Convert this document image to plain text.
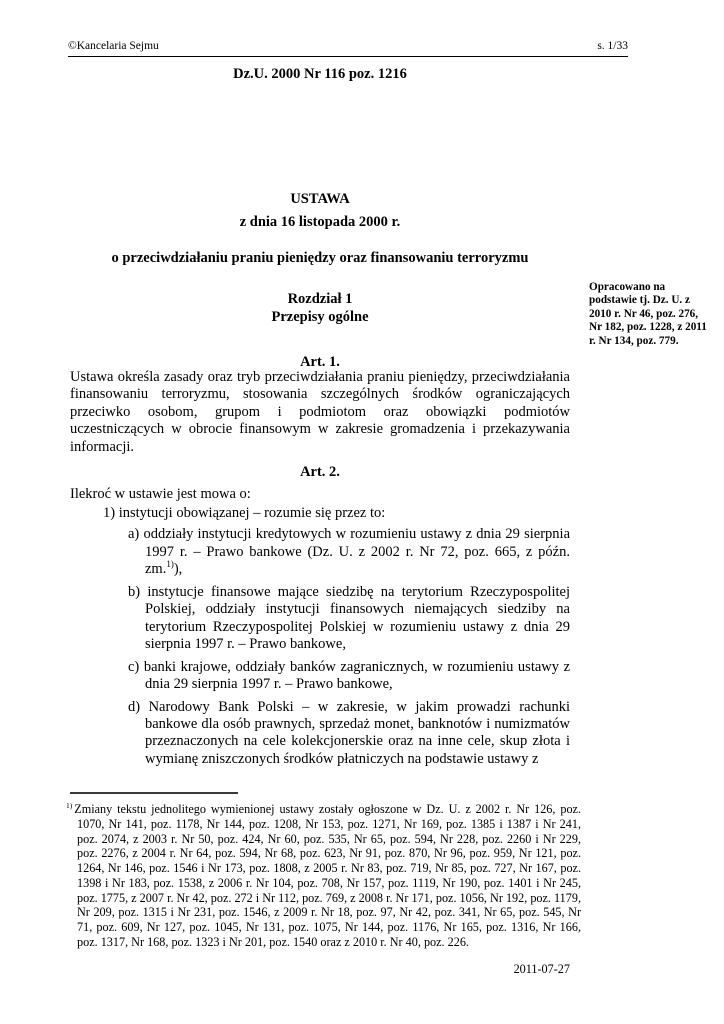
©Kancelaria Sejmu	s. 1/33
Dz.U. 2000 Nr 116 poz. 1216
USTAWA
z dnia 16 listopada 2000 r.
o przeciwdziałaniu praniu pieniędzy oraz finansowaniu terroryzmu
Opracowano na podstawie tj. Dz. U. z 2010 r. Nr 46, poz. 276, Nr 182, poz. 1228, z 2011 r. Nr 134, poz. 779.
Rozdział 1
Przepisy ogólne
Art. 1.
Ustawa określa zasady oraz tryb przeciwdziałania praniu pieniędzy, przeciwdziałania finansowaniu terroryzmu, stosowania szczególnych środków ograniczających przeciwko osobom, grupom i podmiotom oraz obowiązki podmiotów uczestniczących w obrocie finansowym w zakresie gromadzenia i przekazywania informacji.
Art. 2.
Ilekroć w ustawie jest mowa o:
1) instytucji obowiązanej – rozumie się przez to:
a) oddziały instytucji kredytowych w rozumieniu ustawy z dnia 29 sierpnia 1997 r. – Prawo bankowe (Dz. U. z 2002 r. Nr 72, poz. 665, z późn. zm.$^{1)}$),
b) instytucje finansowe mające siedzibę na terytorium Rzeczypospolitej Polskiej, oddziały instytucji finansowych niemających siedziby na terytorium Rzeczypospolitej Polskiej w rozumieniu ustawy z dnia 29 sierpnia 1997 r. – Prawo bankowe,
c) banki krajowe, oddziały banków zagranicznych, w rozumieniu ustawy z dnia 29 sierpnia 1997 r. – Prawo bankowe,
d) Narodowy Bank Polski – w zakresie, w jakim prowadzi rachunki bankowe dla osób prawnych, sprzedaż monet, banknotów i numizmatów przeznaczonych na cele kolekcjonerskie oraz na inne cele, skup złota i wymianę zniszczonych środków płatniczych na podstawie ustawy z
$^{1)}$ Zmiany tekstu jednolitego wymienionej ustawy zostały ogłoszone w Dz. U. z 2002 r. Nr 126, poz. 1070, Nr 141, poz. 1178, Nr 144, poz. 1208, Nr 153, poz. 1271, Nr 169, poz. 1385 i 1387 i Nr 241, poz. 2074, z 2003 r. Nr 50, poz. 424, Nr 60, poz. 535, Nr 65, poz. 594, Nr 228, poz. 2260 i Nr 229, poz. 2276, z 2004 r. Nr 64, poz. 594, Nr 68, poz. 623, Nr 91, poz. 870, Nr 96, poz. 959, Nr 121, poz. 1264, Nr 146, poz. 1546 i Nr 173, poz. 1808, z 2005 r. Nr 83, poz. 719, Nr 85, poz. 727, Nr 167, poz. 1398 i Nr 183, poz. 1538, z 2006 r. Nr 104, poz. 708, Nr 157, poz. 1119, Nr 190, poz. 1401 i Nr 245, poz. 1775, z 2007 r. Nr 42, poz. 272 i Nr 112, poz. 769, z 2008 r. Nr 171, poz. 1056, Nr 192, poz. 1179, Nr 209, poz. 1315 i Nr 231, poz. 1546, z 2009 r. Nr 18, poz. 97, Nr 42, poz. 341, Nr 65, poz. 545, Nr 71, poz. 609, Nr 127, poz. 1045, Nr 131, poz. 1075, Nr 144, poz. 1176, Nr 165, poz. 1316, Nr 166, poz. 1317, Nr 168, poz. 1323 i Nr 201, poz. 1540 oraz z 2010 r. Nr 40, poz. 226.
2011-07-27
